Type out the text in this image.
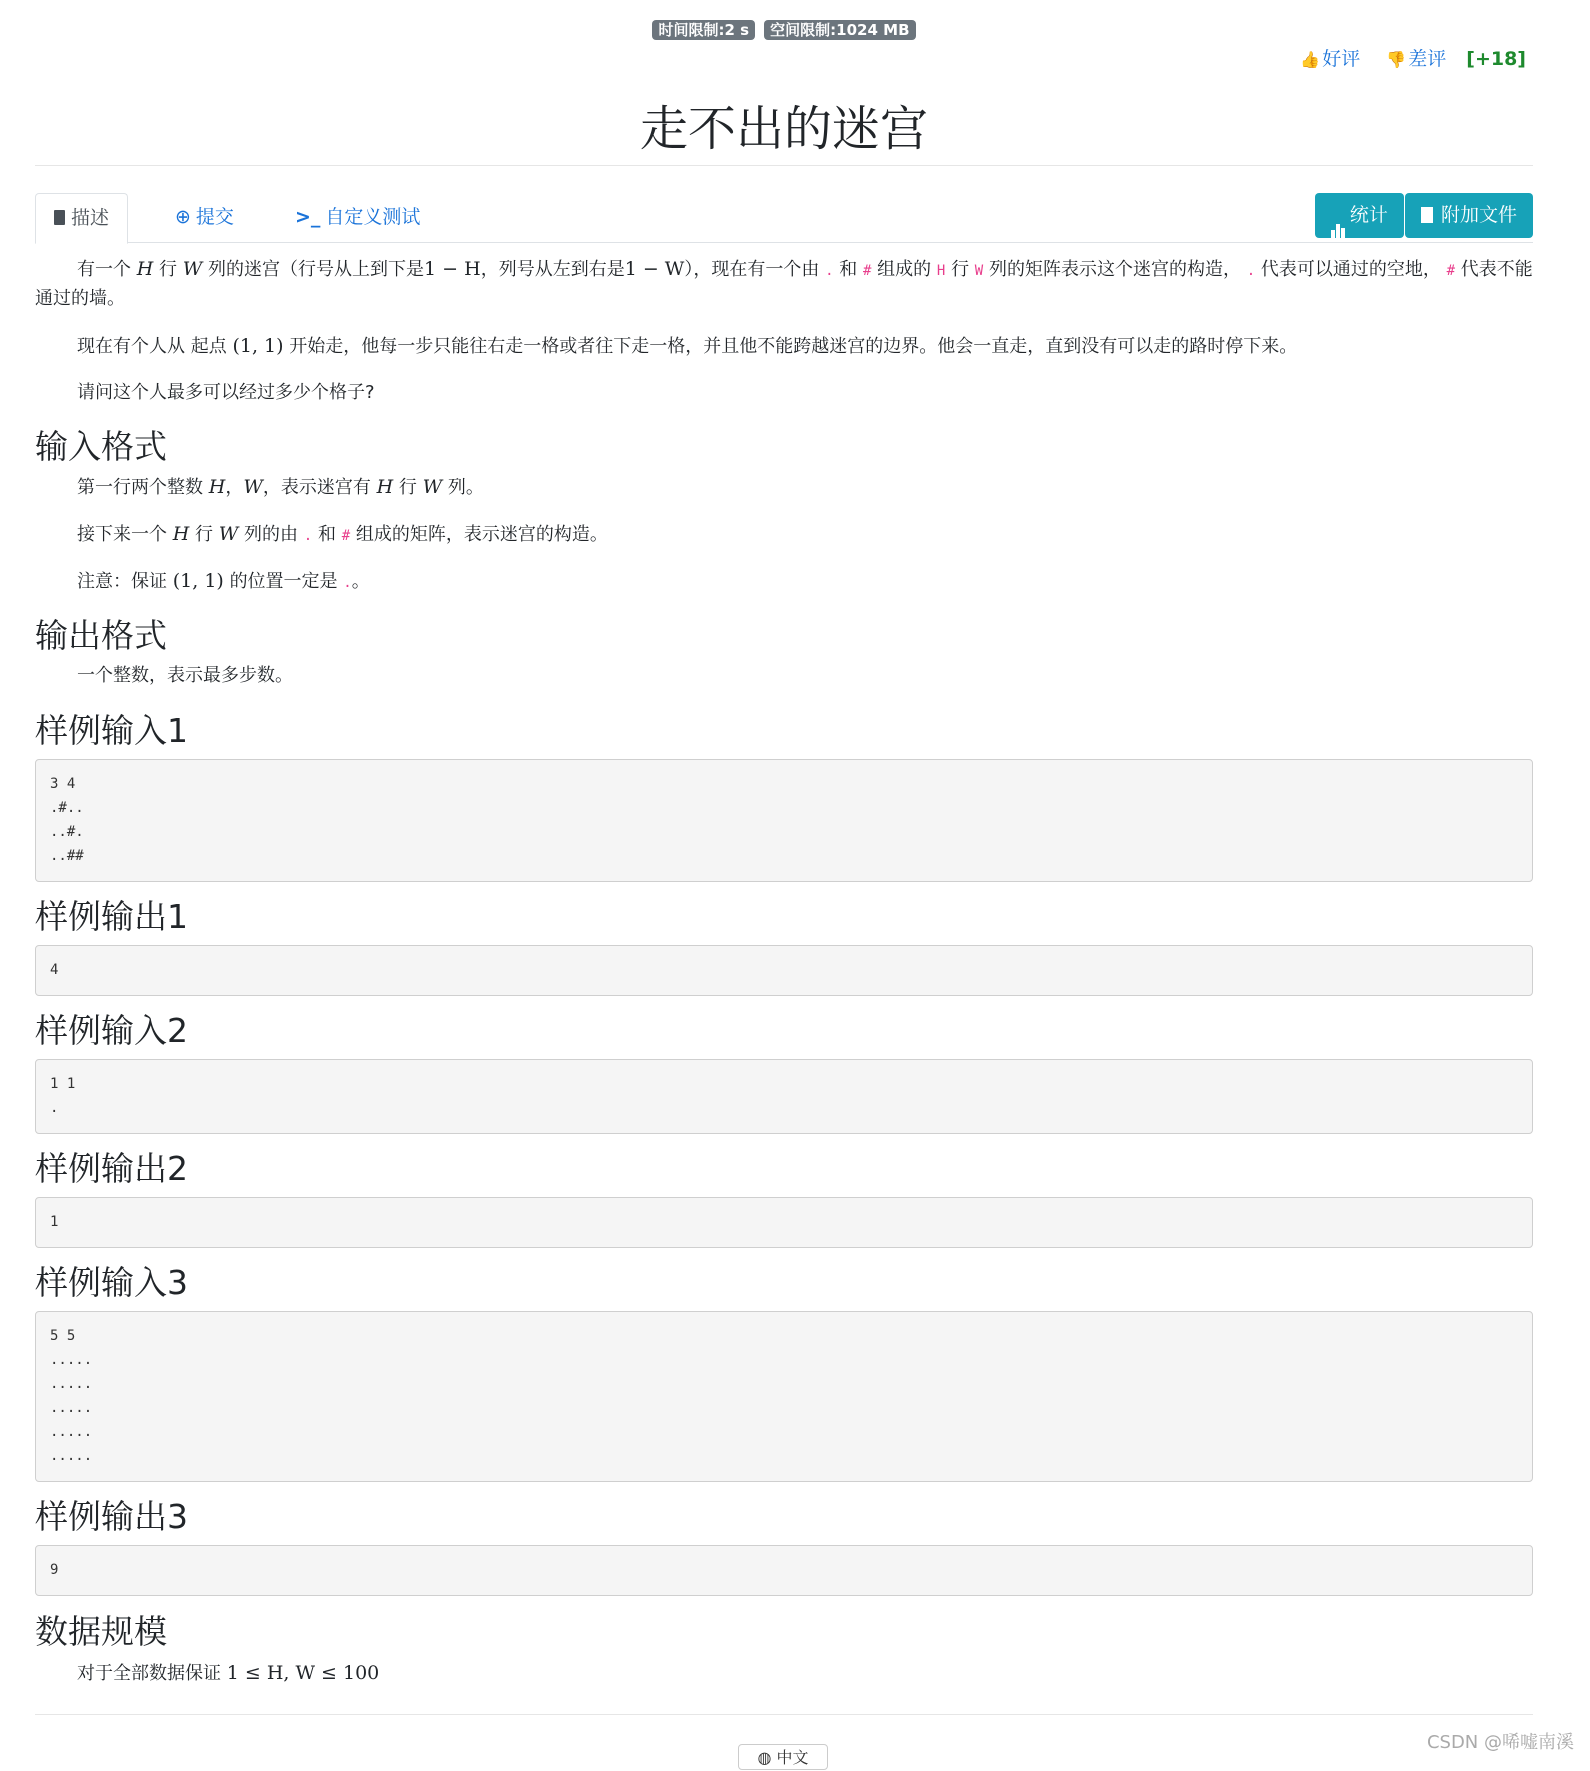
时间限制:2 s 空间限制:1024 MB
👍 好评 👎 差评 [+18]
走不出的迷宫
描述	⊕ 提交	>_ 自定义测试	统计	附加文件
有一个 H 行 W 列的迷宫（行号从上到下是1 − H，列号从左到右是1 − W），现在有一个由 . 和 # 组成的 H 行 W 列的矩阵表示这个迷宫的构造， . 代表可以通过的空地， # 代表不能通过的墙。
现在有个人从 起点 (1, 1) 开始走，他每一步只能往右走一格或者往下走一格，并且他不能跨越迷宫的边界。他会一直走，直到没有可以走的路时停下来。
请问这个人最多可以经过多少个格子?
输入格式
第一行两个整数 H，W，表示迷宫有 H 行 W 列。
接下来一个 H 行 W 列的由 . 和 # 组成的矩阵，表示迷宫的构造。
注意：保证 (1, 1) 的位置一定是 .。
输出格式
一个整数，表示最多步数。
样例输入1
3 4
.#..
..#.
..##
样例输出1
4
样例输入2
1 1
.
样例输出2
1
样例输入3
5 5
.....
.....
.....
.....
.....
样例输出3
9
数据规模
对于全部数据保证 1 ≤ H, W ≤ 100
◍ 中文
CSDN @唏嘘南溪
